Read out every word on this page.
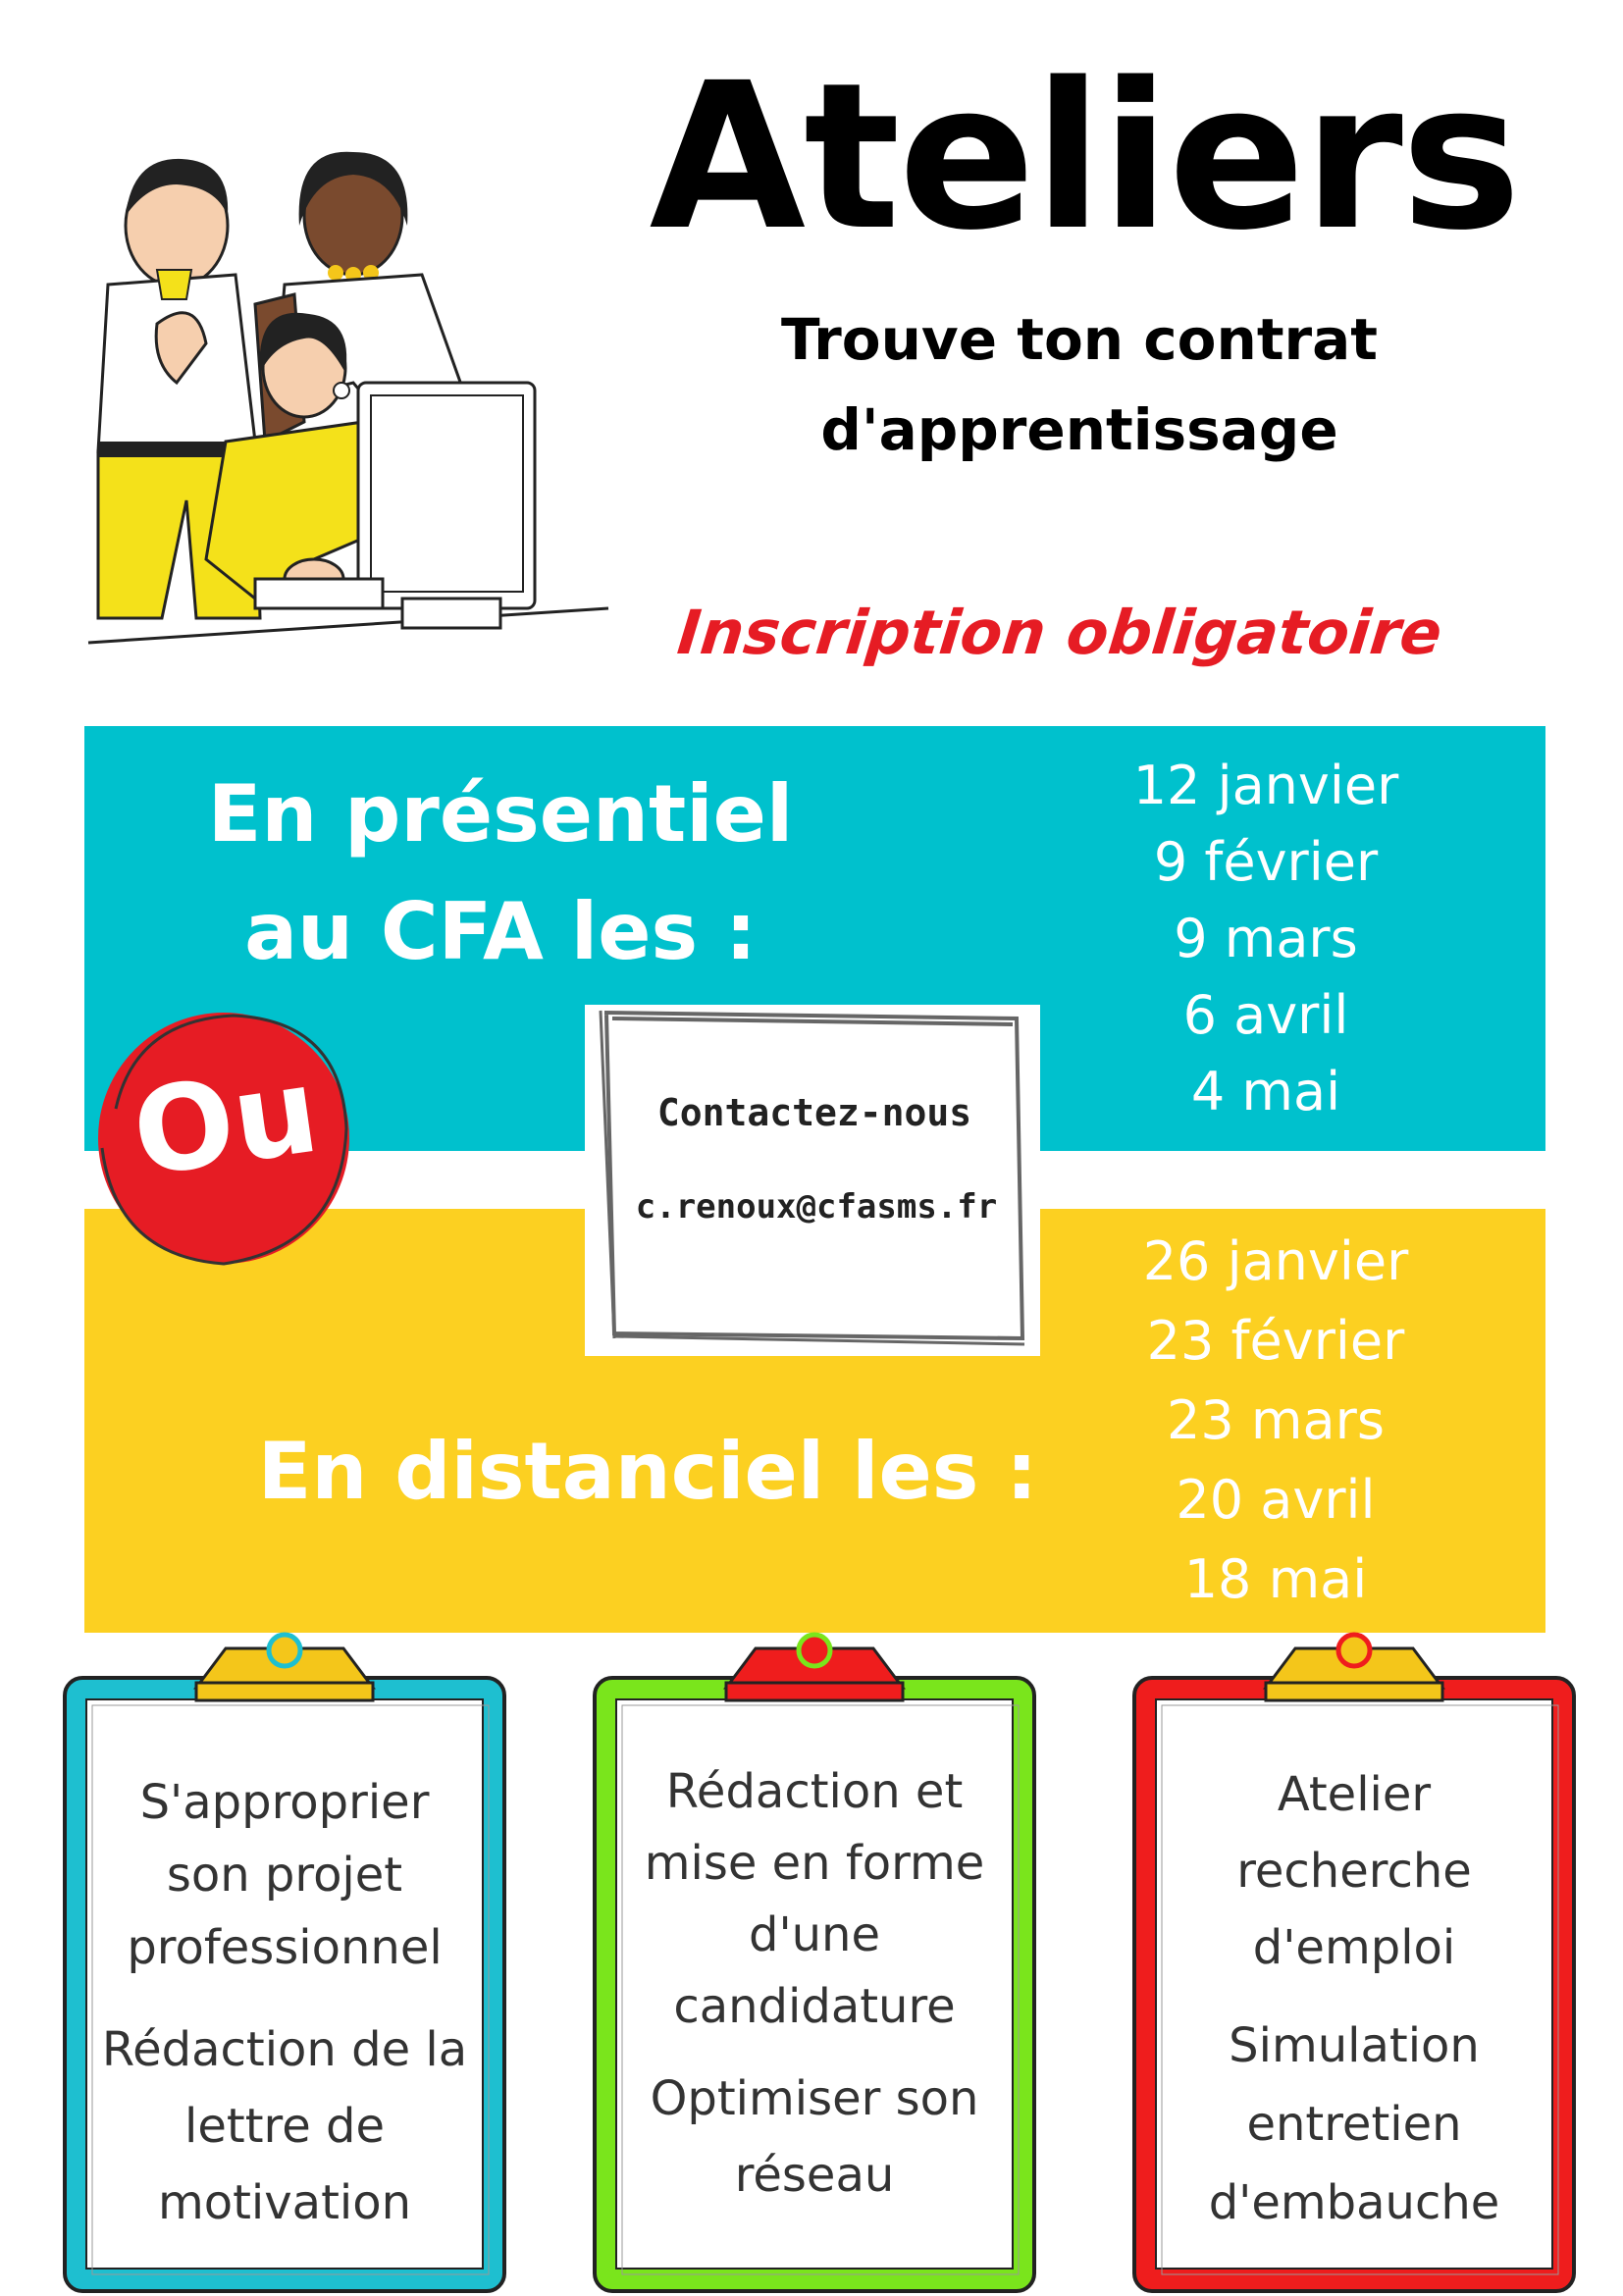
Ateliers
Trouve ton contrat d'apprentissage
Inscription obligatoire
En présentiel
au CFA les :
12 janvier
9 février
9 mars
6 avril
4 mai
En distanciel les :
26 janvier
23 février
23 mars
20 avril
18 mai
Contactez-nous
c.renoux@cfasms.fr
Ou
S'approprier
son projet
professionnel
Rédaction de la
lettre de
motivation
Rédaction et
mise en forme
d'une
candidature
Optimiser son
réseau
Atelier
recherche
d'emploi
Simulation
entretien
d'embauche
